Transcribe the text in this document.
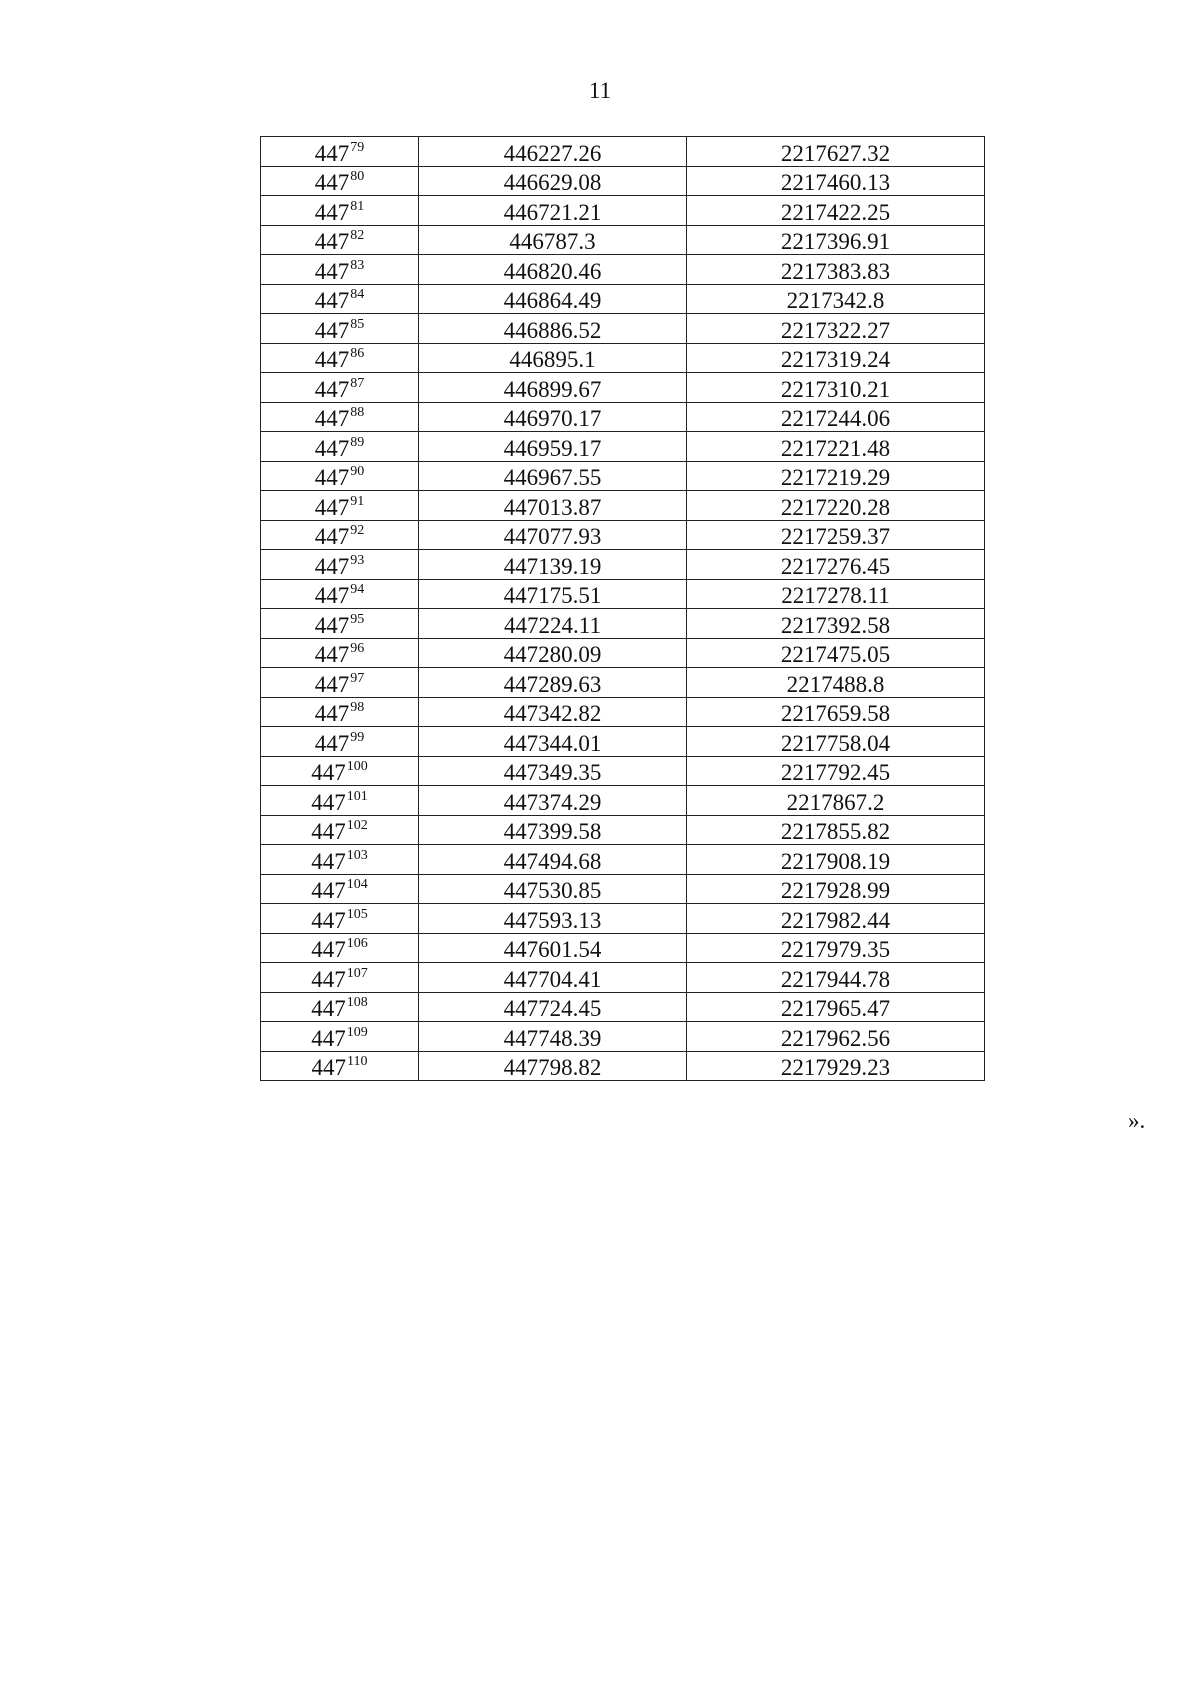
11
$447^{79}$	446227.26	2217627.32
$447^{80}$	446629.08	2217460.13
$447^{81}$	446721.21	2217422.25
$447^{82}$	446787.3	2217396.91
$447^{83}$	446820.46	2217383.83
$447^{84}$	446864.49	2217342.8
$447^{85}$	446886.52	2217322.27
$447^{86}$	446895.1	2217319.24
$447^{87}$	446899.67	2217310.21
$447^{88}$	446970.17	2217244.06
$447^{89}$	446959.17	2217221.48
$447^{90}$	446967.55	2217219.29
$447^{91}$	447013.87	2217220.28
$447^{92}$	447077.93	2217259.37
$447^{93}$	447139.19	2217276.45
$447^{94}$	447175.51	2217278.11
$447^{95}$	447224.11	2217392.58
$447^{96}$	447280.09	2217475.05
$447^{97}$	447289.63	2217488.8
$447^{98}$	447342.82	2217659.58
$447^{99}$	447344.01	2217758.04
$447^{100}$	447349.35	2217792.45
$447^{101}$	447374.29	2217867.2
$447^{102}$	447399.58	2217855.82
$447^{103}$	447494.68	2217908.19
$447^{104}$	447530.85	2217928.99
$447^{105}$	447593.13	2217982.44
$447^{106}$	447601.54	2217979.35
$447^{107}$	447704.41	2217944.78
$447^{108}$	447724.45	2217965.47
$447^{109}$	447748.39	2217962.56
$447^{110}$	447798.82	2217929.23
».
